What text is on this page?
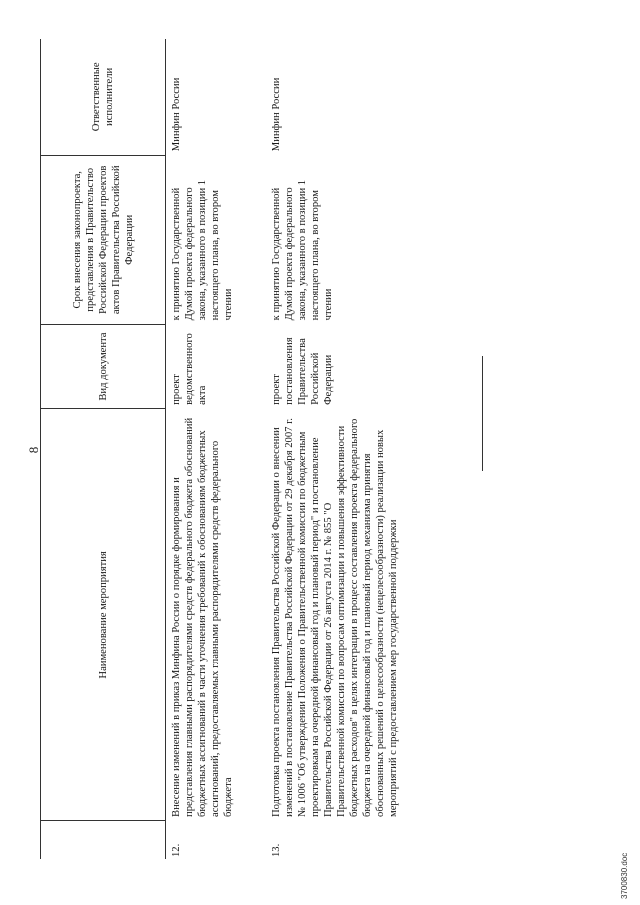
8
	Наименование мероприятия	Вид документа	Срок внесения законопроекта, представления в Правительство Российской Федерации проектов актов Правительства Российской Федерации	Ответственные исполнители
12.	Внесение изменений в приказ Минфина России о порядке формирования и представления главными распорядителями средств федерального бюджета обоснований бюджетных ассигнований в части уточнения требований к обоснованиям бюджетных ассигнований, предоставляемых главными распорядителями средств федерального бюджета	проект ведомственного акта	к принятию Государственной Думой проекта федерального закона, указанного в позиции 1 настоящего плана, во втором чтении	Минфин России
13.	Подготовка проекта постановления Правительства Российской Федерации о внесении изменений в постановление Правительства Российской Федерации от 29 декабря 2007 г. № 1006 "Об утверждении Положения о Правительственной комиссии по бюджетным проектировкам на очередной финансовый год и плановый период" и постановление Правительства Российской Федерации от 26 августа 2014 г. № 855 "О Правительственной комиссии по вопросам оптимизации и повышения эффективности бюджетных расходов" в целях интеграции в процесс составления проекта федерального бюджета на очередной финансовый год и плановый период механизма принятия обоснованных решений о целесообразности (нецелесообразности) реализации новых мероприятий с предоставлением мер государственной поддержки	проект постановления Правительства Российской Федерации	к принятию Государственной Думой проекта федерального закона, указанного в позиции 1 настоящего плана, во втором чтении	Минфин России
3700830.doc
